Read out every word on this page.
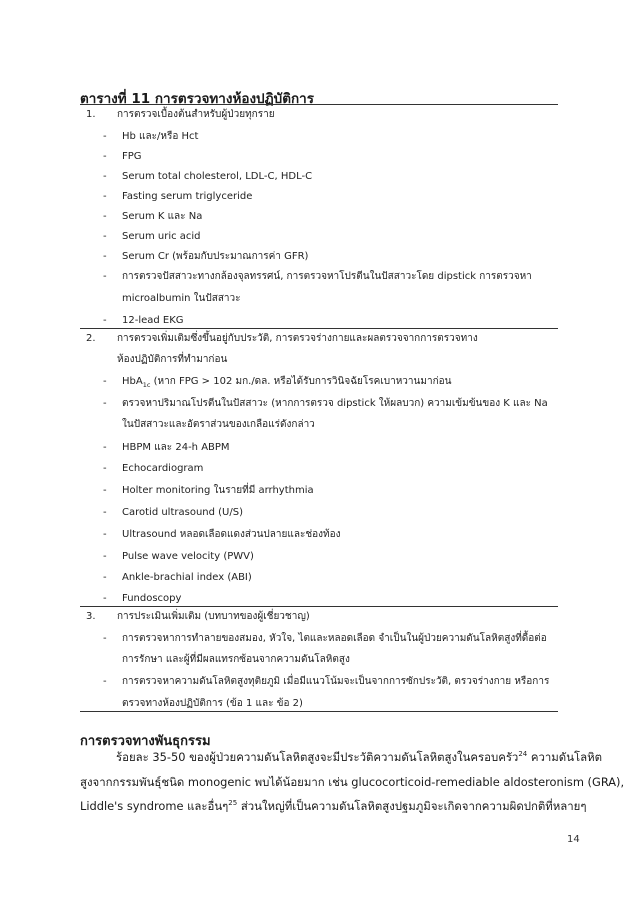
ตารางที่ 11 การตรวจทางห้องปฏิบัติการ
1. การตรวจเบื้องต้นสำหรับผู้ป่วยทุกราย
- Hb และ/หรือ Hct
- FPG
- Serum total cholesterol, LDL-C, HDL-C
- Fasting serum triglyceride
- Serum K และ Na
- Serum uric acid
- Serum Cr (พร้อมกับประมาณการค่า GFR)
- การตรวจปัสสาวะทางกล้องจุลทรรศน์, การตรวจหาโปรตีนในปัสสาวะโดย dipstick การตรวจหา
microalbumin ในปัสสาวะ
- 12-lead EKG
2. การตรวจเพิ่มเติมซึ่งขึ้นอยู่กับประวัติ, การตรวจร่างกายและผลตรวจจากการตรวจทาง
ห้องปฏิบัติการที่ทำมาก่อน
- HbA$_{1c}$ (หาก FPG > 102 มก./ดล. หรือได้รับการวินิจฉัยโรคเบาหวานมาก่อน
- ตรวจหาปริมาณโปรตีนในปัสสาวะ (หากการตรวจ dipstick ให้ผลบวก) ความเข้มข้นของ K และ Na
ในปัสสาวะและอัตราส่วนของเกลือแร่ดังกล่าว
- HBPM และ 24-h ABPM
- Echocardiogram
- Holter monitoring ในรายที่มี arrhythmia
- Carotid ultrasound (U/S)
- Ultrasound หลอดเลือดแดงส่วนปลายและช่องท้อง
- Pulse wave velocity (PWV)
- Ankle-brachial index (ABI)
- Fundoscopy
3. การประเมินเพิ่มเติม (บทบาทของผู้เชี่ยวชาญ)
- การตรวจหาการทำลายของสมอง, หัวใจ, ไตและหลอดเลือด จำเป็นในผู้ป่วยความดันโลหิตสูงที่ดื้อต่อ
การรักษา และผู้ที่มีผลแทรกซ้อนจากความดันโลหิตสูง
- การตรวจหาความดันโลหิตสูงทุติยภูมิ เมื่อมีแนวโน้มจะเป็นจากการซักประวัติ, ตรวจร่างกาย หรือการ
ตรวจทางห้องปฏิบัติการ (ข้อ 1 และ ข้อ 2)
การตรวจทางพันธุกรรม
ร้อยละ 35-50 ของผู้ป่วยความดันโลหิตสูงจะมีประวัติความดันโลหิตสูงในครอบครัว$^{24}$ ความดันโลหิต
สูงจากกรรมพันธุ์ชนิด monogenic พบได้น้อยมาก เช่น glucocorticoid-remediable aldosteronism (GRA),
Liddle's syndrome และอื่นๆ$^{25}$ ส่วนใหญ่ที่เป็นความดันโลหิตสูงปฐมภูมิจะเกิดจากความผิดปกติที่หลายๆ
14
